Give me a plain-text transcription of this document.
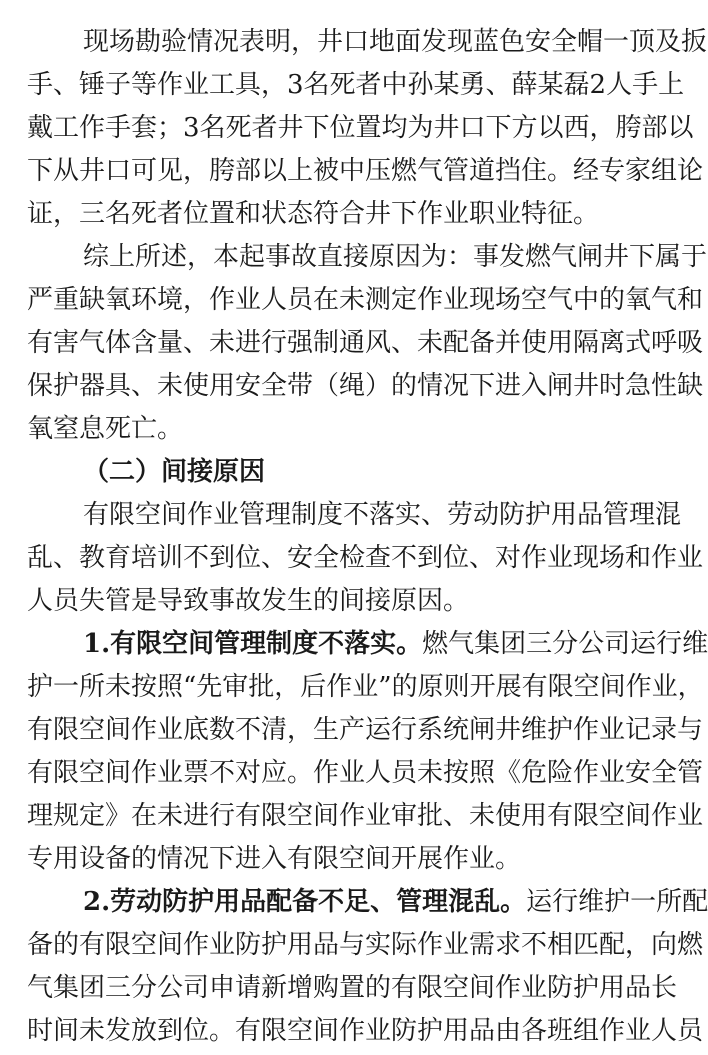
现场勘验情况表明，井口地面发现蓝色安全帽一顶及扳
手、锤子等作业工具，3名死者中孙某勇、薛某磊2人手上
戴工作手套；3名死者井下位置均为井口下方以西，胯部以
下从井口可见，胯部以上被中压燃气管道挡住。经专家组论
证，三名死者位置和状态符合井下作业职业特征。
综上所述，本起事故直接原因为：事发燃气闸井下属于
严重缺氧环境，作业人员在未测定作业现场空气中的氧气和
有害气体含量、未进行强制通风、未配备并使用隔离式呼吸
保护器具、未使用安全带（绳）的情况下进入闸井时急性缺
氧窒息死亡。
（二）间接原因
有限空间作业管理制度不落实、劳动防护用品管理混
乱、教育培训不到位、安全检查不到位、对作业现场和作业
人员失管是导致事故发生的间接原因。
1.有限空间管理制度不落实。燃气集团三分公司运行维
护一所未按照“先审批，后作业”的原则开展有限空间作业，
有限空间作业底数不清，生产运行系统闸井维护作业记录与
有限空间作业票不对应。作业人员未按照《危险作业安全管
理规定》在未进行有限空间作业审批、未使用有限空间作业
专用设备的情况下进入有限空间开展作业。
2.劳动防护用品配备不足、管理混乱。运行维护一所配
备的有限空间作业防护用品与实际作业需求不相匹配，向燃
气集团三分公司申请新增购置的有限空间作业防护用品长
时间未发放到位。有限空间作业防护用品由各班组作业人员
